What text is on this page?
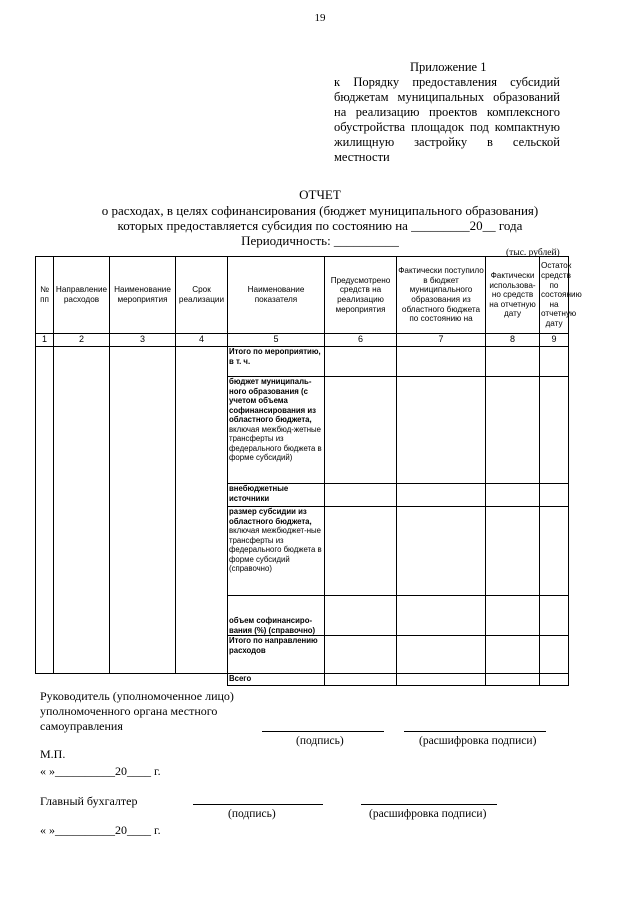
19
Приложение 1
к Порядку предоставления субсидий
бюджетам муниципальных образований
на реализацию проектов комплексного
обустройства площадок под компактную
жилищную застройку в сельской
местности
ОТЧЕТ
о расходах, в целях софинансирования (бюджет муниципального образования)
которых предоставляется субсидия по состоянию на _________20__ года
Периодичность: __________
(тыс. рублей)
№ пп	Направление расходов	Наименование мероприятия	Срок реализации	Наименование показателя	Предусмотрено средств на реализацию мероприятия	Фактически поступило в бюджет муниципального образования из областного бюджета по состоянию на	Фактически использова-но средств на отчетную дату	Остаток средств по состоянию на отчетную дату
1	2	3	4	5	6	7	8	9
				Итого по мероприятию, в т. ч.				
				бюджет муниципаль-ного образования (с учетом объема софинансирования из областного бюджета, включая межбюд-жетные трансферты из федерального бюджета в форме субсидий)				
				внебюджетные источники				
				размер субсидии из областного бюджета, включая межбюджет-ные трансферты из федерального бюджета в форме субсидий (справочно)				
				объем софинансиро-вания (%) (справочно)				
				Итого по направлению расходов				
				Всего				
Руководитель (уполномоченное лицо)
уполномоченного органа местного
самоуправления
(подпись)	(расшифровка подписи)
М.П.
« »__________20____ г.
Главный бухгалтер
(подпись)	(расшифровка подписи)
« »__________20____ г.
